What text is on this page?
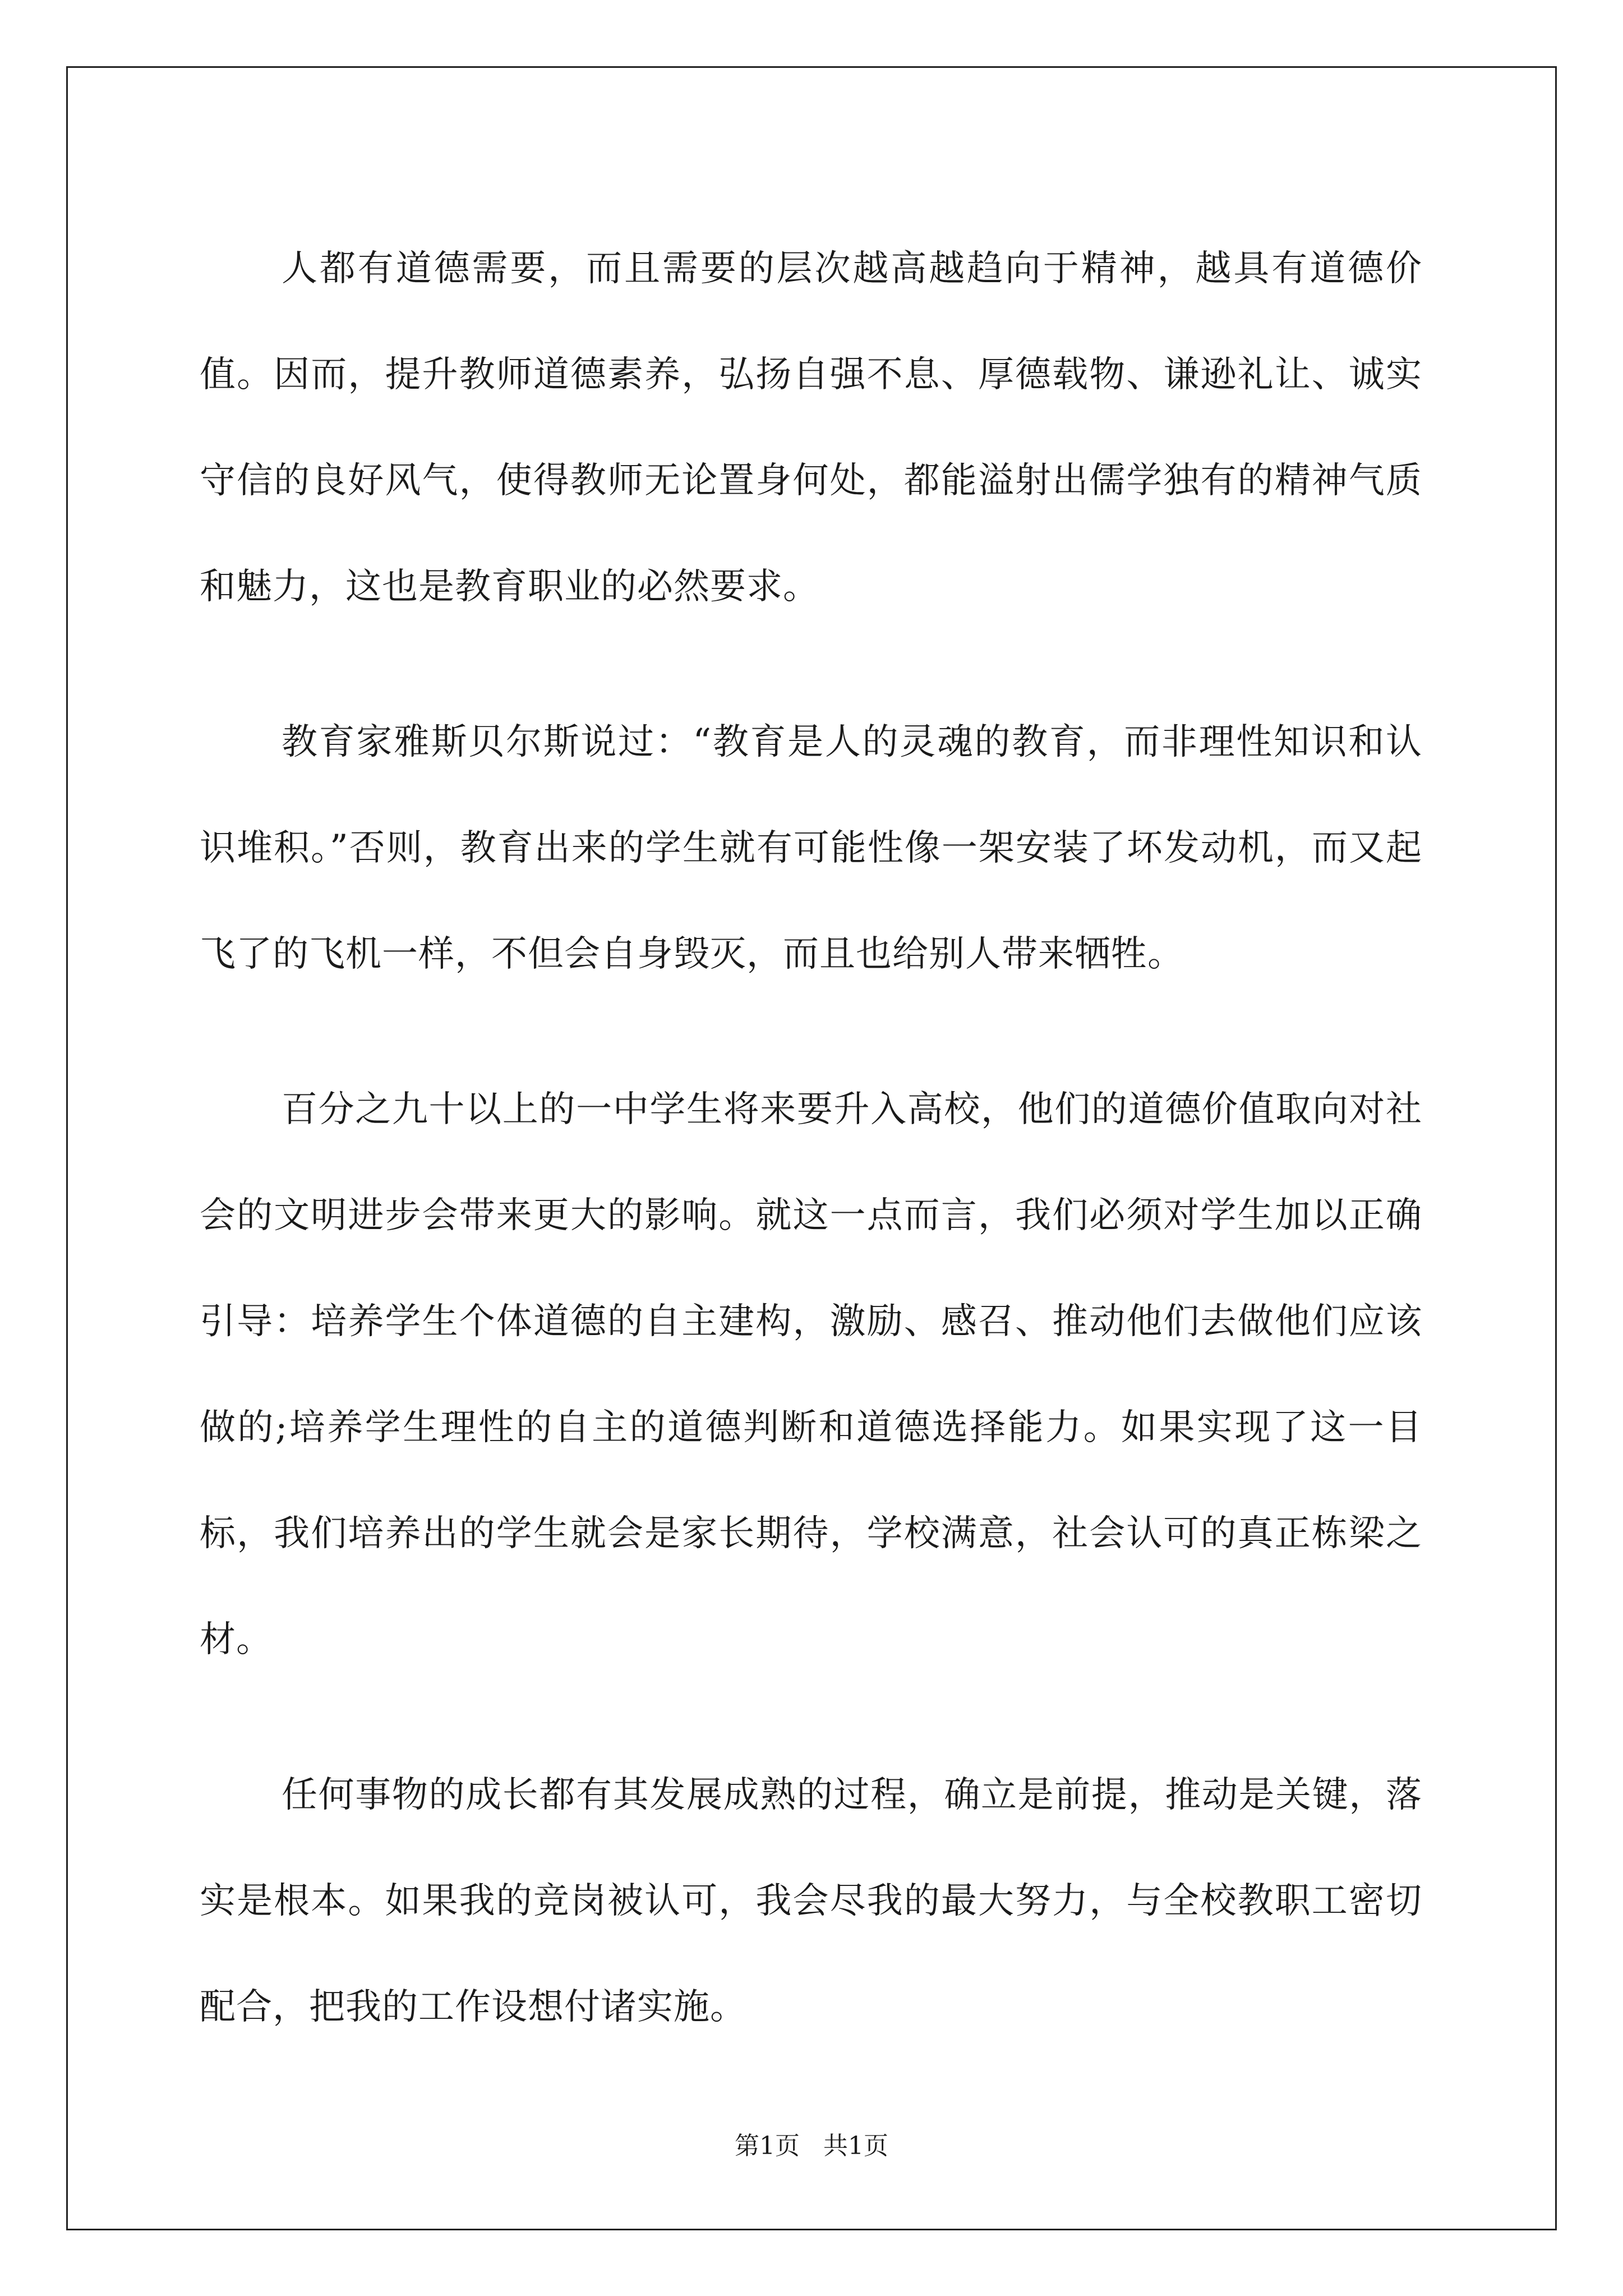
人都有道德需要，而且需要的层次越高越趋向于精神，越具有道德价值。因而，提升教师道德素养，弘扬自强不息、厚德载物、谦逊礼让、诚实守信的良好风气，使得教师无论置身何处，都能溢射出儒学独有的精神气质和魅力，这也是教育职业的必然要求。

教育家雅斯贝尔斯说过：“教育是人的灵魂的教育，而非理性知识和认识堆积。”否则，教育出来的学生就有可能性像一架安装了坏发动机，而又起飞了的飞机一样，不但会自身毁灭，而且也给别人带来牺牲。

百分之九十以上的一中学生将来要升入高校，他们的道德价值取向对社会的文明进步会带来更大的影响。就这一点而言，我们必须对学生加以正确引导：培养学生个体道德的自主建构，激励、感召、推动他们去做他们应该做的;培养学生理性的自主的道德判断和道德选择能力。如果实现了这一目标，我们培养出的学生就会是家长期待，学校满意，社会认可的真正栋梁之材。

任何事物的成长都有其发展成熟的过程，确立是前提，推动是关键，落实是根本。如果我的竞岗被认可，我会尽我的最大努力，与全校教职工密切配合，把我的工作设想付诸实施。

第1页   共1页
